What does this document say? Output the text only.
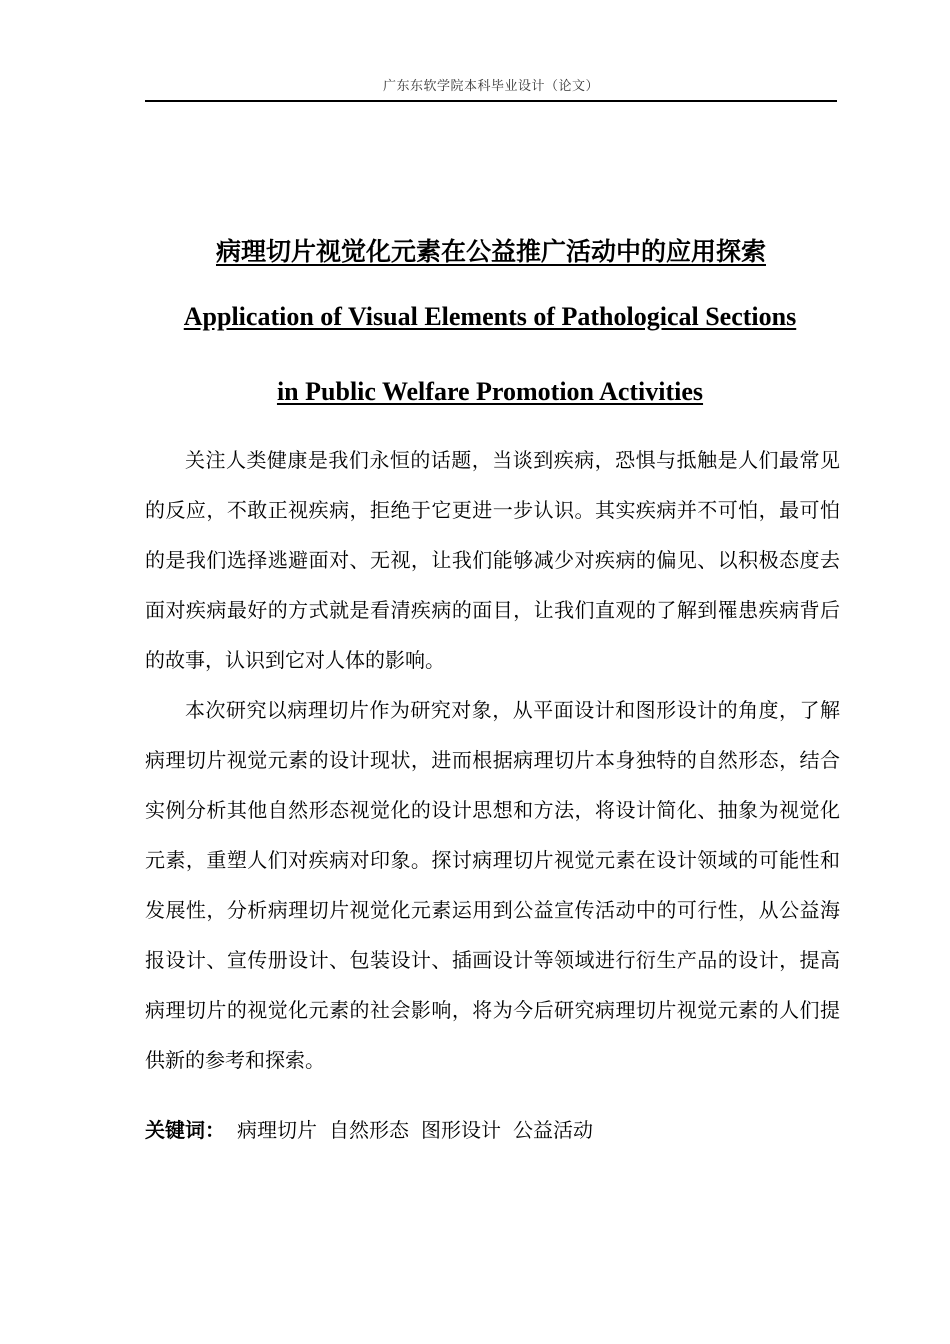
广东东软学院本科毕业设计（论文）
病理切片视觉化元素在公益推广活动中的应用探索
Application of Visual Elements of Pathological Sections
in Public Welfare Promotion Activities

关注人类健康是我们永恒的话题，当谈到疾病，恐惧与抵触是人们最常见的反应，不敢正视疾病，拒绝于它更进一步认识。其实疾病并不可怕，最可怕的是我们选择逃避面对、无视，让我们能够减少对疾病的偏见、以积极态度去面对疾病最好的方式就是看清疾病的面目，让我们直观的了解到罹患疾病背后的故事，认识到它对人体的影响。

本次研究以病理切片作为研究对象，从平面设计和图形设计的角度，了解病理切片视觉元素的设计现状，进而根据病理切片本身独特的自然形态，结合实例分析其他自然形态视觉化的设计思想和方法，将设计简化、抽象为视觉化元素，重塑人们对疾病对印象。探讨病理切片视觉元素在设计领域的可能性和发展性，分析病理切片视觉化元素运用到公益宣传活动中的可行性，从公益海报设计、宣传册设计、包装设计、插画设计等领域进行衍生产品的设计，提高病理切片的视觉化元素的社会影响，将为今后研究病理切片视觉元素的人们提供新的参考和探索。

关键词： 病理切片 自然形态 图形设计 公益活动
